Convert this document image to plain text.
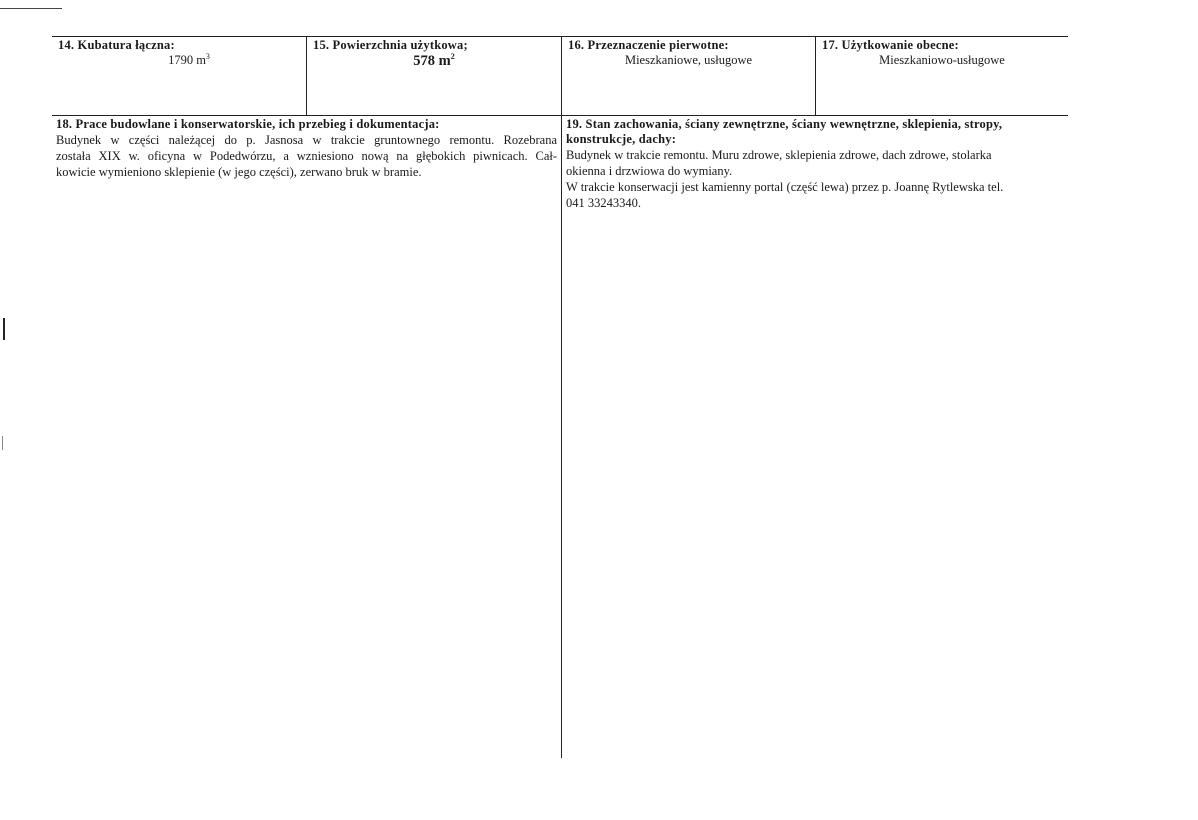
14. Kubatura łączna:
1790 $m^3$
15. Powierzchnia użytkowa;
578 $m^2$
16. Przeznaczenie pierwotne:
Mieszkaniowe, usługowe
17. Użytkowanie obecne:
Mieszkaniowo-usługowe
18. Prace budowlane i konserwatorskie, ich przebieg i dokumentacja:
Budynek w części należącej do p. Jasnosa w trakcie gruntownego remontu. Rozebrana
została XIX w. oficyna w Podedwórzu, a wzniesiono nową na głębokich piwnicach. Cał-
kowicie wymieniono sklepienie (w jego części), zerwano bruk w bramie.
19. Stan zachowania, ściany zewnętrzne, ściany wewnętrzne, sklepienia, stropy,
konstrukcje, dachy:
Budynek w trakcie remontu. Muru zdrowe, sklepienia zdrowe, dach zdrowe, stolarka
okienna i drzwiowa do wymiany.
W trakcie konserwacji jest kamienny portal (część lewa) przez p. Joannę Rytlewska tel.
041 33243340.
